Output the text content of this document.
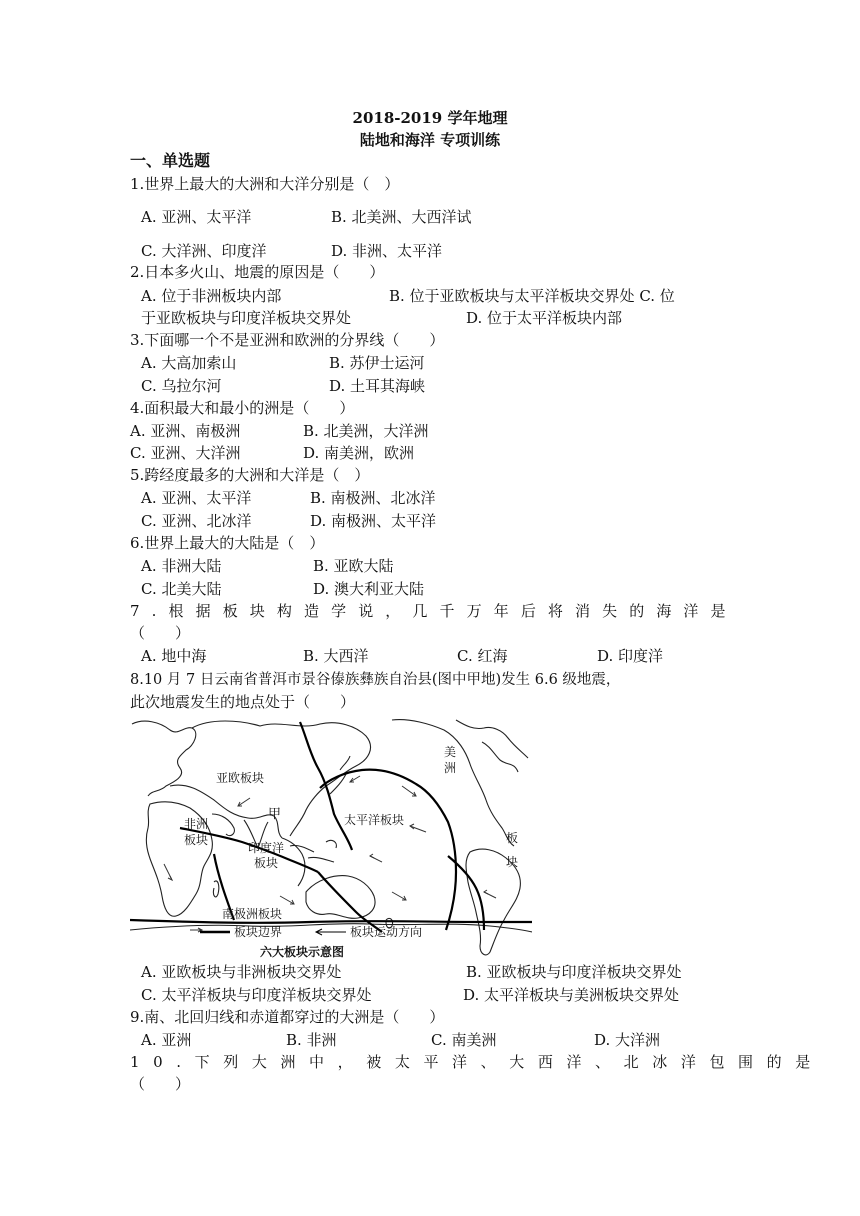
2018-2019 学年地理
陆地和海洋 专项训练
一、单选题
1.世界上最大的大洲和大洋分别是（　）
A. 亚洲、太平洋	B. 北美洲、大西洋试
C. 大洋洲、印度洋	D. 非洲、太平洋
2.日本多火山、地震的原因是（　　）
A. 位于非洲板块内部	B. 位于亚欧板块与太平洋板块交界处 C. 位
于亚欧板块与印度洋板块交界处	D. 位于太平洋板块内部
3.下面哪一个不是亚洲和欧洲的分界线（　　）
A. 大高加索山	B. 苏伊士运河
C. 乌拉尔河	D. 土耳其海峡
4.面积最大和最小的洲是（　　）
A. 亚洲、南极洲	B. 北美洲，大洋洲
C. 亚洲、大洋洲	D. 南美洲，欧洲
5.跨经度最多的大洲和大洋是（　）
A. 亚洲、太平洋	B. 南极洲、北冰洋
C. 亚洲、北冰洋	D. 南极洲、太平洋
6.世界上最大的大陆是（　）
A. 非洲大陆	B. 亚欧大陆
C. 北美大陆	D. 澳大利亚大陆
7.根据板块构造学说，几千万年后将消失的海洋是
（　　）
A. 地中海	B. 大西洋	C. 红海	D. 印度洋
8.10 月 7 日云南省普洱市景谷傣族彝族自治县(图中甲地)发生 6.6 级地震，
此次地震发生的地点处于（　　）
亚欧板块
甲
非洲
板块
印度洋
板块
太平洋板块
美
洲
板
块
南极洲板块
板块边界	板块运动方向
六大板块示意图
A. 亚欧板块与非洲板块交界处	B. 亚欧板块与印度洋板块交界处
C. 太平洋板块与印度洋板块交界处	D. 太平洋板块与美洲板块交界处
9.南、北回归线和赤道都穿过的大洲是（　　）
A. 亚洲	B. 非洲	C. 南美洲	D. 大洋洲
10.下列大洲中，被太平洋、大西洋、北冰洋包围的是
（　　）
